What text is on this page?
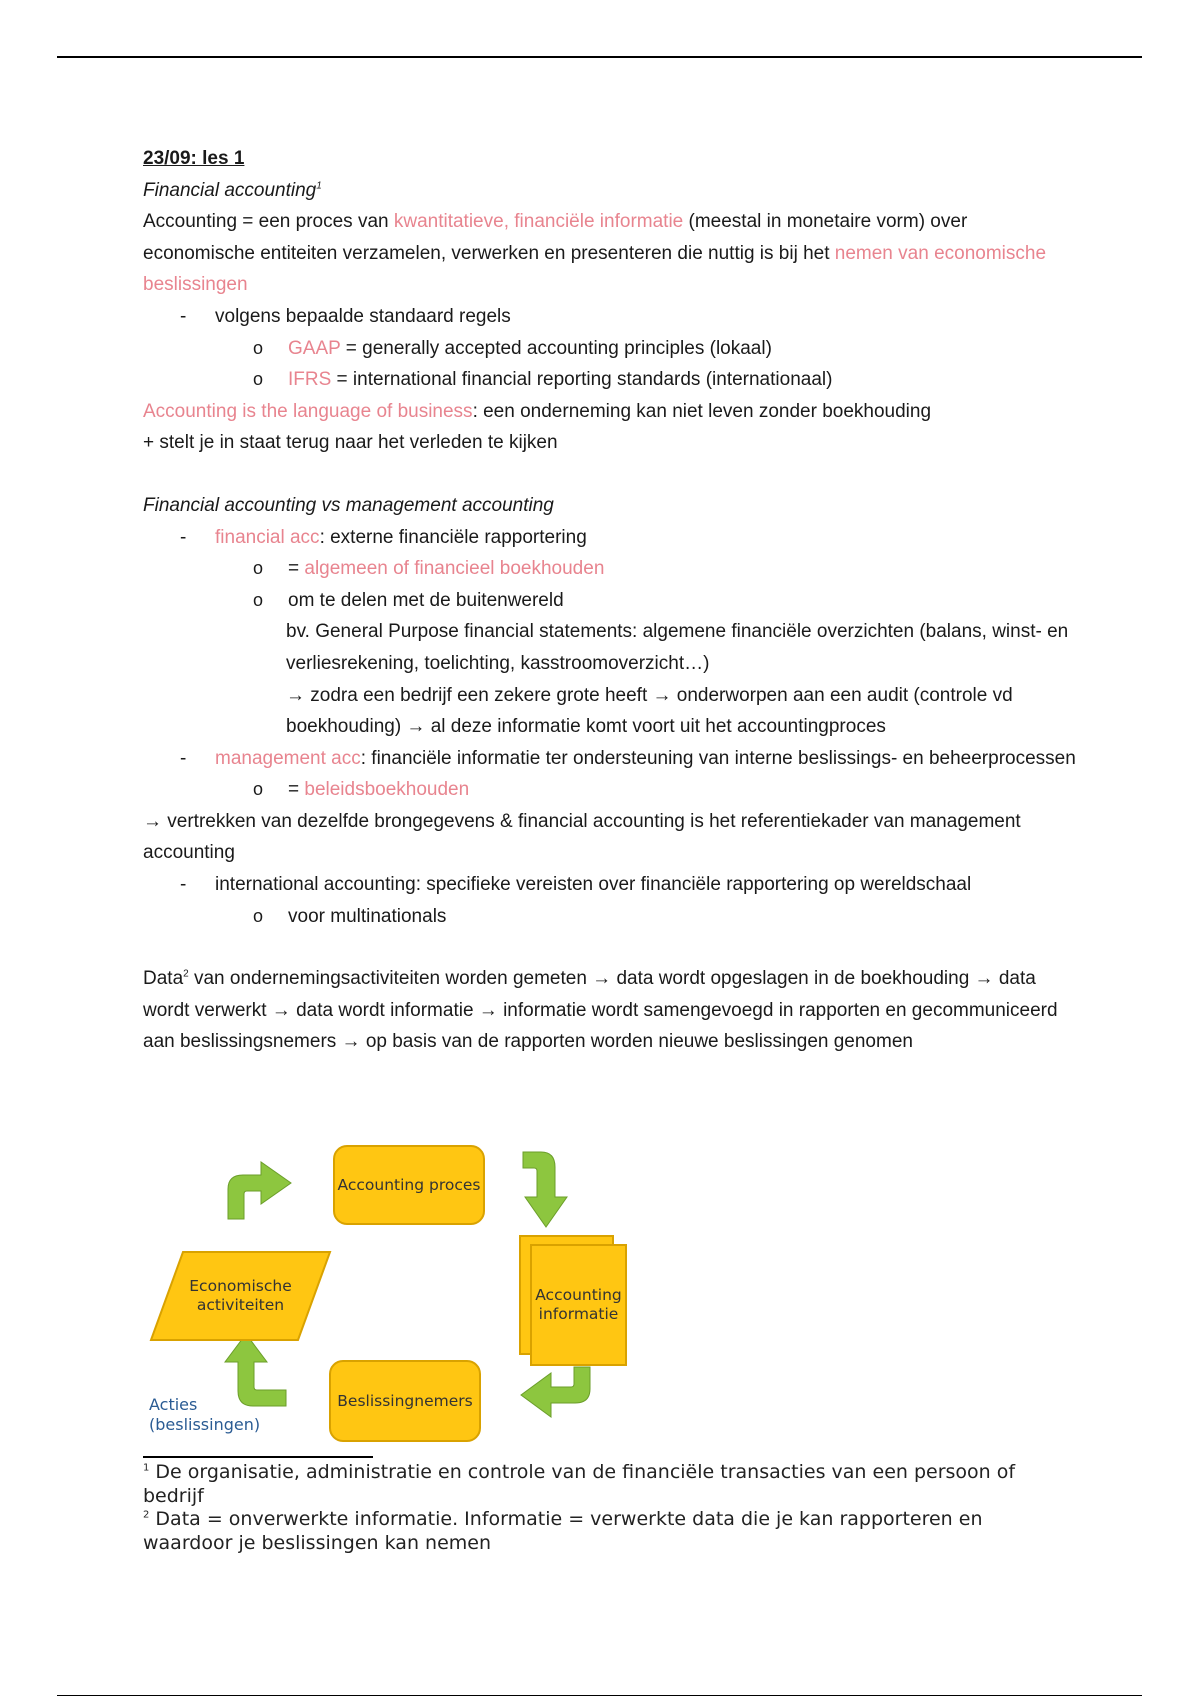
23/09: les 1

Financial accounting$^1$

Accounting = een proces van kwantitatieve, financiële informatie (meestal in monetaire vorm) over economische entiteiten verzamelen, verwerken en presenteren die nuttig is bij het nemen van economische beslissingen

- volgens bepaalde standaard regels

o GAAP = generally accepted accounting principles (lokaal)

o IFRS = international financial reporting standards (internationaal)

Accounting is the language of business: een onderneming kan niet leven zonder boekhouding

+ stelt je in staat terug naar het verleden te kijken

Financial accounting vs management accounting

- financial acc: externe financiële rapportering

o = algemeen of financieel boekhouden

o om te delen met de buitenwereld

bv. General Purpose financial statements: algemene financiële overzichten (balans, winst- en verliesrekening, toelichting, kasstroomoverzicht…)

→ zodra een bedrijf een zekere grote heeft → onderworpen aan een audit (controle vd boekhouding) → al deze informatie komt voort uit het accountingproces

- management acc: financiële informatie ter ondersteuning van interne beslissings- en beheerprocessen

o = beleidsboekhouden

→ vertrekken van dezelfde brongegevens & financial accounting is het referentiekader van management accounting

- international accounting: specifieke vereisten over financiële rapportering op wereldschaal

o voor multinationals

Data$^2$ van ondernemingsactiviteiten worden gemeten → data wordt opgeslagen in de boekhouding → data wordt verwerkt → data wordt informatie → informatie wordt samengevoegd in rapporten en gecommuniceerd aan beslissingsnemers → op basis van de rapporten worden nieuwe beslissingen genomen

Accounting proces
Accounting
informatie
Beslissingnemers
Economische
activiteiten
Acties
(beslissingen)

$^1$ De organisatie, administratie en controle van de financiële transacties van een persoon of bedrijf

$^2$ Data = onverwerkte informatie. Informatie = verwerkte data die je kan rapporteren en waardoor je beslissingen kan nemen
